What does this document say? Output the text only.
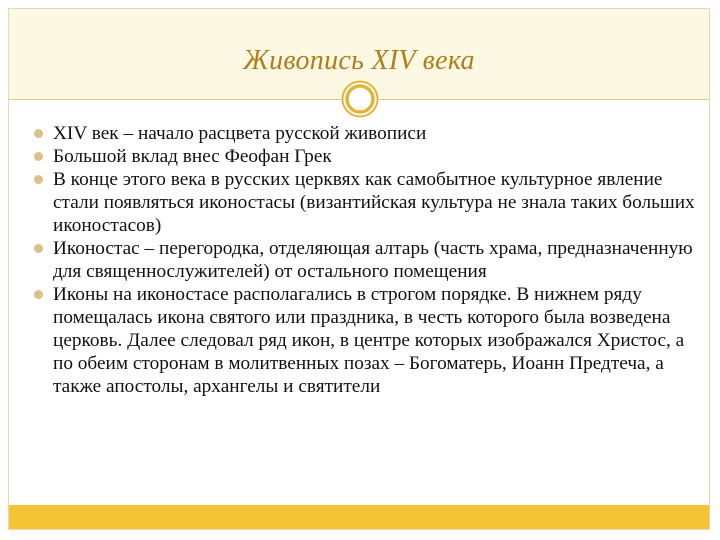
Живопись XIV века
XIV век – начало расцвета русской живописи
Большой вклад внес Феофан Грек
В конце этого века в русских церквях как самобытное культурное явление стали появляться иконостасы (византийская культура не знала таких больших иконостасов)
Иконостас – перегородка, отделяющая алтарь (часть храма, предназначенную для священнослужителей) от остального помещения
Иконы на иконостасе располагались в строгом порядке. В нижнем ряду помещалась икона святого или праздника, в честь которого была возведена церковь. Далее следовал ряд икон, в центре которых изображался Христос, а по обеим сторонам в молитвенных позах – Богоматерь, Иоанн Предтеча, а также апостолы, архангелы и святители
